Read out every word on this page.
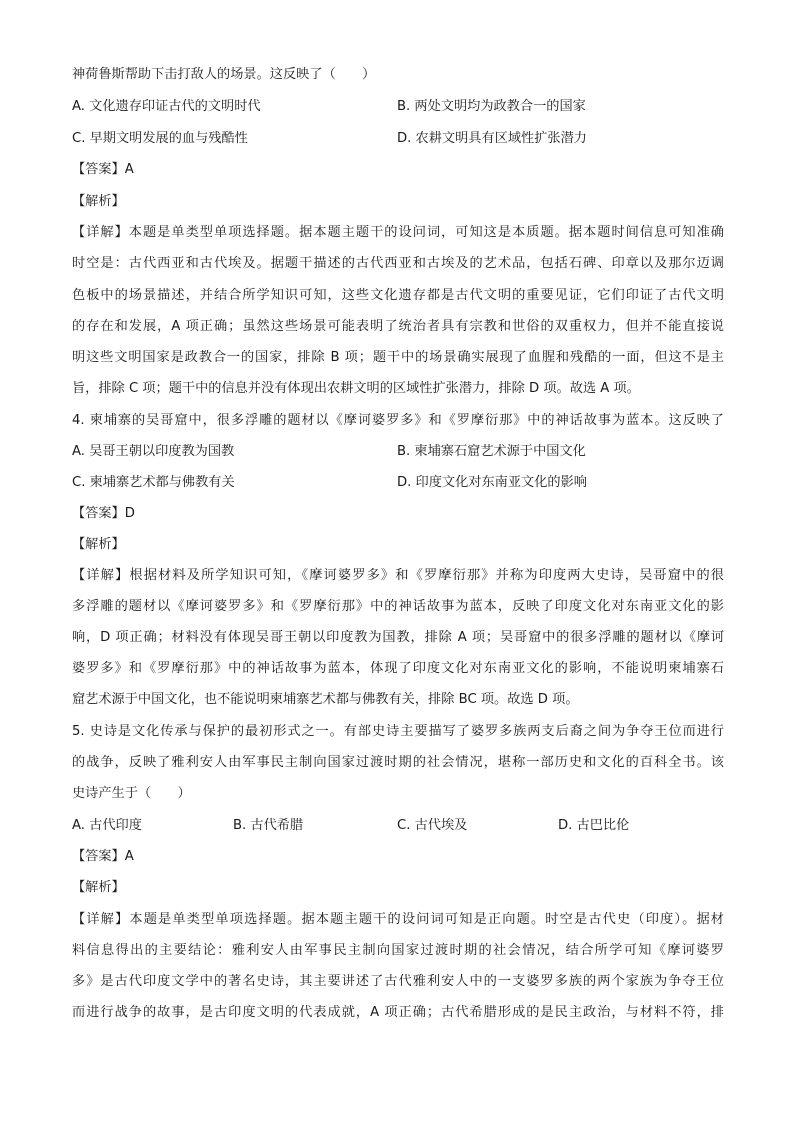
神荷鲁斯帮助下击打敌人的场景。这反映了（　　）
A. 文化遗存印证古代的文明时代	B. 两处文明均为政教合一的国家
C. 早期文明发展的血与残酷性	D. 农耕文明具有区域性扩张潜力
【答案】A
【解析】
【详解】本题是单类型单项选择题。据本题主题干的设问词，可知这是本质题。据本题时间信息可知准确
时空是：古代西亚和古代埃及。据题干描述的古代西亚和古埃及的艺术品，包括石碑、印章以及那尔迈调
色板中的场景描述，并结合所学知识可知，这些文化遗存都是古代文明的重要见证，它们印证了古代文明
的存在和发展，A 项正确；虽然这些场景可能表明了统治者具有宗教和世俗的双重权力，但并不能直接说
明这些文明国家是政教合一的国家，排除 B 项；题干中的场景确实展现了血腥和残酷的一面，但这不是主
旨，排除 C 项；题干中的信息并没有体现出农耕文明的区域性扩张潜力，排除 D 项。故选 A 项。
4. 柬埔寨的吴哥窟中，很多浮雕的题材以《摩诃婆罗多》和《罗摩衍那》中的神话故事为蓝本。这反映了
A. 吴哥王朝以印度教为国教	B. 柬埔寨石窟艺术源于中国文化
C. 柬埔寨艺术都与佛教有关	D. 印度文化对东南亚文化的影响
【答案】D
【解析】
【详解】根据材料及所学知识可知，《摩诃婆罗多》和《罗摩衍那》并称为印度两大史诗，吴哥窟中的很
多浮雕的题材以《摩诃婆罗多》和《罗摩衍那》中的神话故事为蓝本，反映了印度文化对东南亚文化的影
响，D 项正确；材料没有体现吴哥王朝以印度教为国教，排除 A 项；吴哥窟中的很多浮雕的题材以《摩诃
婆罗多》和《罗摩衍那》中的神话故事为蓝本，体现了印度文化对东南亚文化的影响，不能说明柬埔寨石
窟艺术源于中国文化，也不能说明柬埔寨艺术都与佛教有关，排除 BC 项。故选 D 项。
5. 史诗是文化传承与保护的最初形式之一。有部史诗主要描写了婆罗多族两支后裔之间为争夺王位而进行
的战争，反映了雅利安人由军事民主制向国家过渡时期的社会情况，堪称一部历史和文化的百科全书。该
史诗产生于（　　）
A. 古代印度	B. 古代希腊	C. 古代埃及	D. 古巴比伦
【答案】A
【解析】
【详解】本题是单类型单项选择题。据本题主题干的设问词可知是正向题。时空是古代史（印度）。据材
料信息得出的主要结论：雅利安人由军事民主制向国家过渡时期的社会情况，结合所学可知《摩诃婆罗
多》是古代印度文学中的著名史诗，其主要讲述了古代雅利安人中的一支婆罗多族的两个家族为争夺王位
而进行战争的故事，是古印度文明的代表成就，A 项正确；古代希腊形成的是民主政治，与材料不符，排
